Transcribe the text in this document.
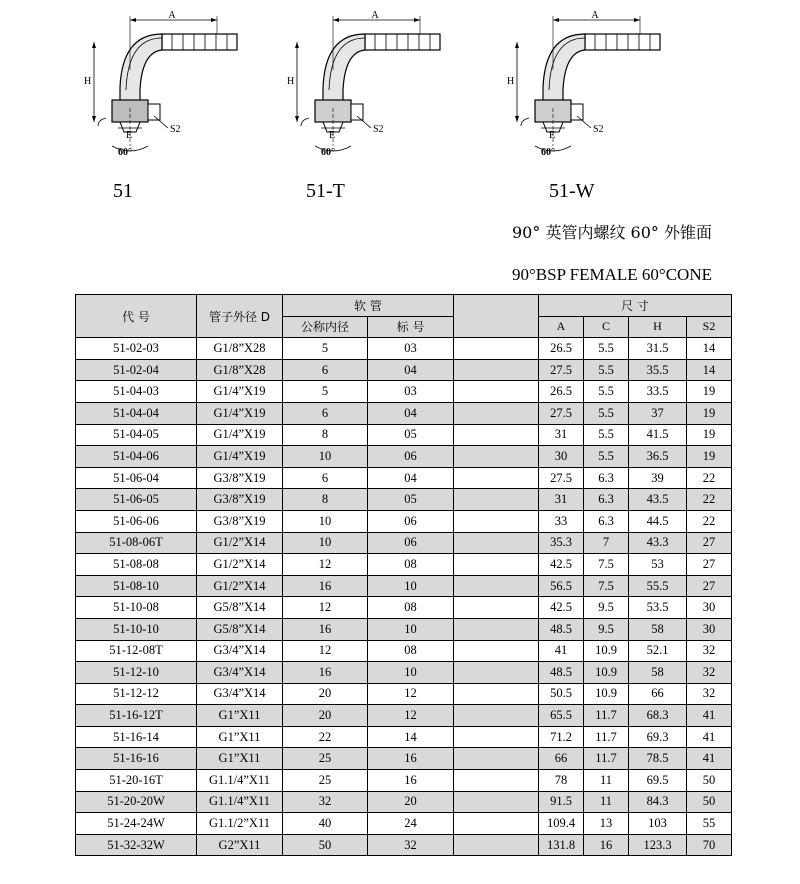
A
H
E
60°
S2
A
H
E
60°
S2
A
H
E
60°
S2
51	51-T	51-W
90° 英管内螺纹 60° 外锥面
90°BSP FEMALE 60°CONE
代 号	管子外径 D	软 管			尺 寸			
		公称内径	标 号		A	C	H	S2
51-02-03	G1/8”X28	5	03		26.5	5.5	31.5	14
51-02-04	G1/8”X28	6	04		27.5	5.5	35.5	14
51-04-03	G1/4”X19	5	03		26.5	5.5	33.5	19
51-04-04	G1/4”X19	6	04		27.5	5.5	37	19
51-04-05	G1/4”X19	8	05		31	5.5	41.5	19
51-04-06	G1/4”X19	10	06		30	5.5	36.5	19
51-06-04	G3/8”X19	6	04		27.5	6.3	39	22
51-06-05	G3/8”X19	8	05		31	6.3	43.5	22
51-06-06	G3/8”X19	10	06		33	6.3	44.5	22
51-08-06T	G1/2”X14	10	06		35.3	7	43.3	27
51-08-08	G1/2”X14	12	08		42.5	7.5	53	27
51-08-10	G1/2”X14	16	10		56.5	7.5	55.5	27
51-10-08	G5/8”X14	12	08		42.5	9.5	53.5	30
51-10-10	G5/8”X14	16	10		48.5	9.5	58	30
51-12-08T	G3/4”X14	12	08		41	10.9	52.1	32
51-12-10	G3/4”X14	16	10		48.5	10.9	58	32
51-12-12	G3/4”X14	20	12		50.5	10.9	66	32
51-16-12T	G1”X11	20	12		65.5	11.7	68.3	41
51-16-14	G1”X11	22	14		71.2	11.7	69.3	41
51-16-16	G1”X11	25	16		66	11.7	78.5	41
51-20-16T	G1.1/4”X11	25	16		78	11	69.5	50
51-20-20W	G1.1/4”X11	32	20		91.5	11	84.3	50
51-24-24W	G1.1/2”X11	40	24		109.4	13	103	55
51-32-32W	G2”X11	50	32		131.8	16	123.3	70
